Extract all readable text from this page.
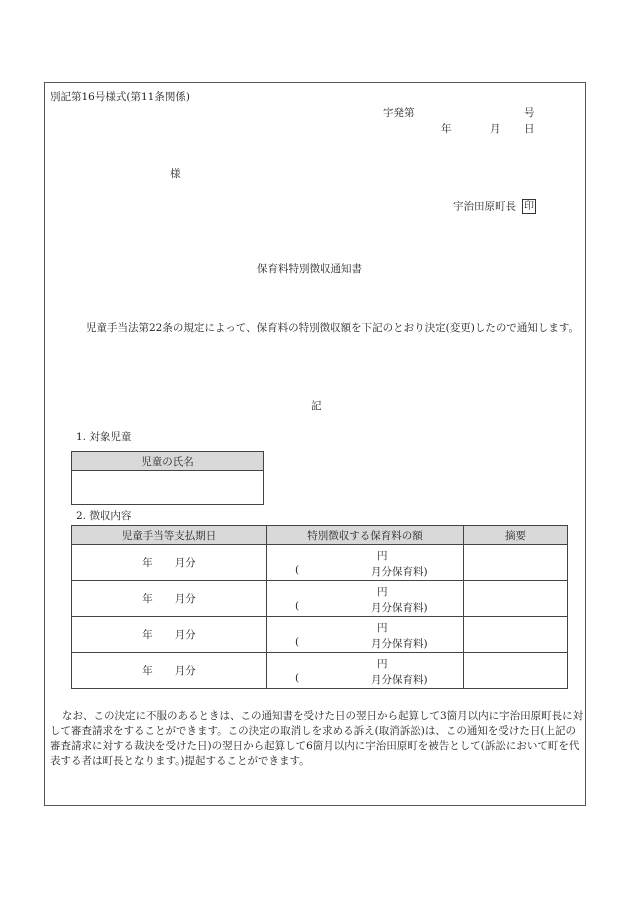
別記第16号様式(第11条関係)
宇発第	号
年	月 日
様
宇治田原町長 印
保育料特別徴収通知書
児童手当法第22条の規定によって、保育料の特別徴収額を下記のとおり決定(変更)したので通知します。
記
1. 対象児童
児童の氏名

2. 徴収内容
児童手当等支払期日	特別徴収する保育料の額	摘要
年 月分	円
( 月分保育料)	

年 月分	円
( 月分保育料)	

年 月分	円
( 月分保育料)	

年 月分	円
( 月分保育料)	

なお、この決定に不服のあるときは、この通知書を受けた日の翌日から起算して3箇月以内に宇治田原町長に対して審査請求をすることができます。この決定の取消しを求める訴え(取消訴訟)は、この通知を受けた日(上記の審査請求に対する裁決を受けた日)の翌日から起算して6箇月以内に宇治田原町を被告として(訴訟において町を代表する者は町長となります。)提起することができます。
